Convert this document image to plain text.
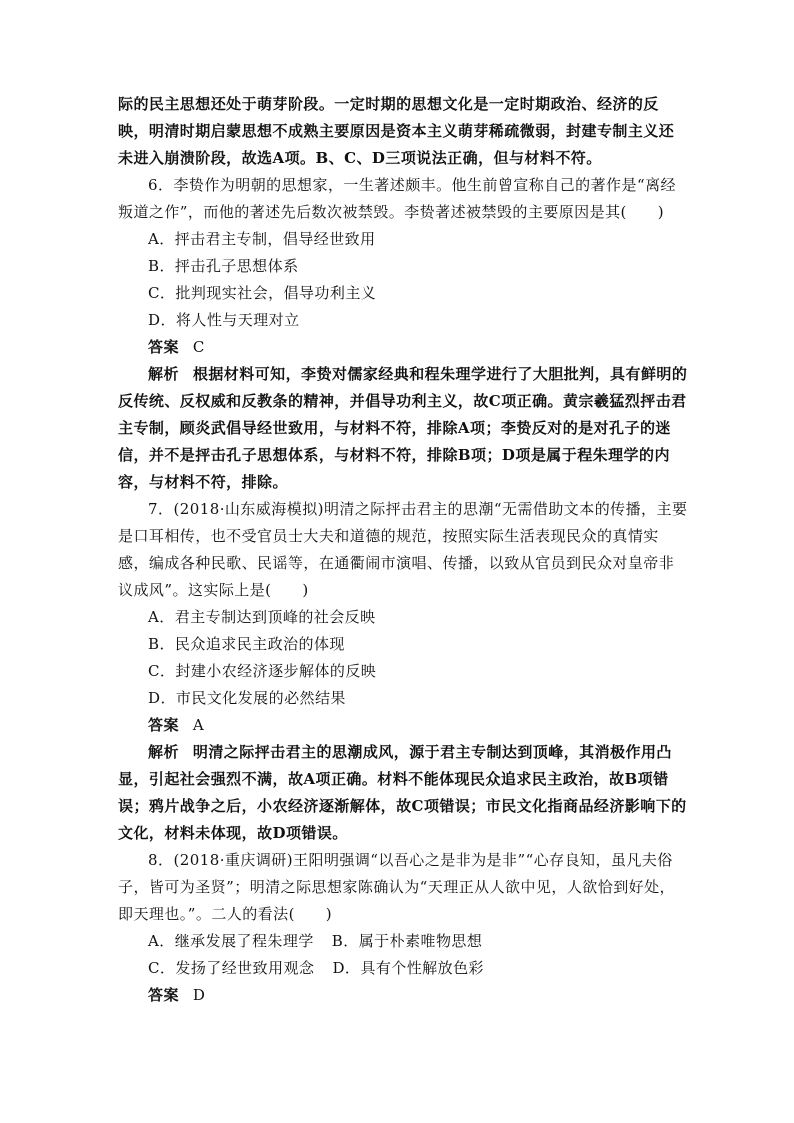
际的民主思想还处于萌芽阶段。一定时期的思想文化是一定时期政治、经济的反映，明清时期启蒙思想不成熟主要原因是资本主义萌芽稀疏微弱，封建专制主义还未进入崩溃阶段，故选A项。B、C、D三项说法正确，但与材料不符。

6．李贽作为明朝的思想家，一生著述颇丰。他生前曾宣称自己的著作是“离经叛道之作”，而他的著述先后数次被禁毁。李贽著述被禁毁的主要原因是其(　　)

A．抨击君主专制，倡导经世致用

B．抨击孔子思想体系

C．批判现实社会，倡导功利主义

D．将人性与天理对立

答案 C

解析 根据材料可知，李贽对儒家经典和程朱理学进行了大胆批判，具有鲜明的反传统、反权威和反教条的精神，并倡导功利主义，故C项正确。黄宗羲猛烈抨击君主专制，顾炎武倡导经世致用，与材料不符，排除A项；李贽反对的是对孔子的迷信，并不是抨击孔子思想体系，与材料不符，排除B项；D项是属于程朱理学的内容，与材料不符，排除。

7．(2018·山东威海模拟)明清之际抨击君主的思潮“无需借助文本的传播，主要是口耳相传，也不受官员士大夫和道德的规范，按照实际生活表现民众的真情实感，编成各种民歌、民谣等，在通衢闹市演唱、传播，以致从官员到民众对皇帝非议成风”。这实际上是(　　)

A．君主专制达到顶峰的社会反映

B．民众追求民主政治的体现

C．封建小农经济逐步解体的反映

D．市民文化发展的必然结果

答案 A

解析 明清之际抨击君主的思潮成风，源于君主专制达到顶峰，其消极作用凸显，引起社会强烈不满，故A项正确。材料不能体现民众追求民主政治，故B项错误；鸦片战争之后，小农经济逐渐解体，故C项错误；市民文化指商品经济影响下的文化，材料未体现，故D项错误。

8．(2018·重庆调研)王阳明强调“以吾心之是非为是非”“心存良知，虽凡夫俗子，皆可为圣贤”；明清之际思想家陈确认为“天理正从人欲中见，人欲恰到好处，即天理也。”。二人的看法(　　)

A．继承发展了程朱理学 B．属于朴素唯物思想

C．发扬了经世致用观念 D．具有个性解放色彩

答案 D
